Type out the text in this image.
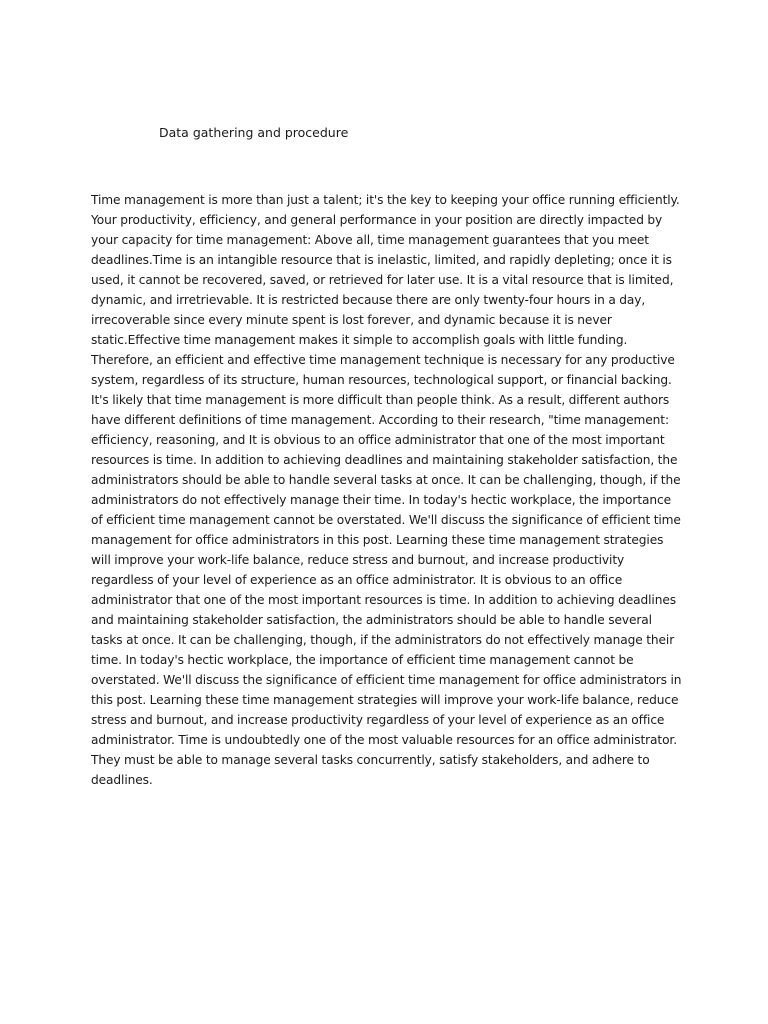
Data gathering and procedure

Time management is more than just a talent; it's the key to keeping your office running efficiently. Your productivity, efficiency, and general performance in your position are directly impacted by your capacity for time management: Above all, time management guarantees that you meet deadlines.Time is an intangible resource that is inelastic, limited, and rapidly depleting; once it is used, it cannot be recovered, saved, or retrieved for later use. It is a vital resource that is limited, dynamic, and irretrievable. It is restricted because there are only twenty-four hours in a day, irrecoverable since every minute spent is lost forever, and dynamic because it is never static.Effective time management makes it simple to accomplish goals with little funding. Therefore, an efficient and effective time management technique is necessary for any productive system, regardless of its structure, human resources, technological support, or financial backing. It's likely that time management is more difficult than people think. As a result, different authors have different definitions of time management. According to their research, "time management: efficiency, reasoning, and It is obvious to an office administrator that one of the most important resources is time. In addition to achieving deadlines and maintaining stakeholder satisfaction, the administrators should be able to handle several tasks at once. It can be challenging, though, if the administrators do not effectively manage their time. In today's hectic workplace, the importance of efficient time management cannot be overstated. We'll discuss the significance of efficient time management for office administrators in this post. Learning these time management strategies will improve your work-life balance, reduce stress and burnout, and increase productivity regardless of your level of experience as an office administrator. It is obvious to an office administrator that one of the most important resources is time. In addition to achieving deadlines and maintaining stakeholder satisfaction, the administrators should be able to handle several tasks at once. It can be challenging, though, if the administrators do not effectively manage their time. In today's hectic workplace, the importance of efficient time management cannot be overstated. We'll discuss the significance of efficient time management for office administrators in this post. Learning these time management strategies will improve your work-life balance, reduce stress and burnout, and increase productivity regardless of your level of experience as an office administrator. Time is undoubtedly one of the most valuable resources for an office administrator. They must be able to manage several tasks concurrently, satisfy stakeholders, and adhere to deadlines.
